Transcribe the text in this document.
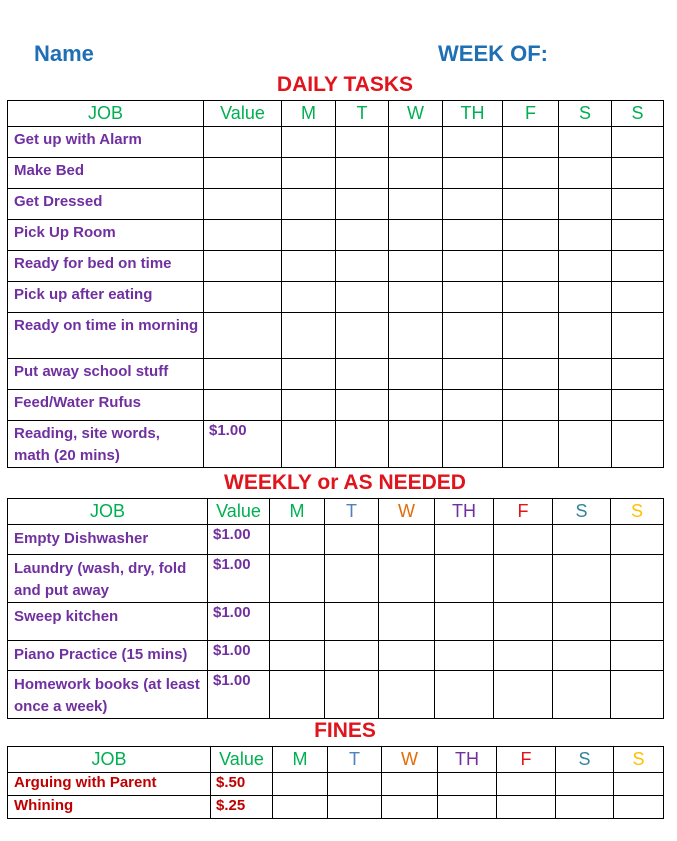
Name	WEEK OF:
DAILY TASKS
JOB	Value	M	T	W	TH	F	S	S
Get up with Alarm								
Make Bed								
Get Dressed								
Pick Up Room								
Ready for bed on time								
Pick up after eating								
Ready on time in morning								
Put away school stuff								
Feed/Water Rufus								
Reading, site words, math (20 mins)	$1.00							
WEEKLY or AS NEEDED
JOB	Value	M	T	W	TH	F	S	S
Empty Dishwasher	$1.00							
Laundry (wash, dry, fold and put away	$1.00							
Sweep kitchen	$1.00							
Piano Practice (15 mins)	$1.00							
Homework books (at least once a week)	$1.00							
FINES
JOB	Value	M	T	W	TH	F	S	S
Arguing with Parent	$.50							
Whining	$.25							
